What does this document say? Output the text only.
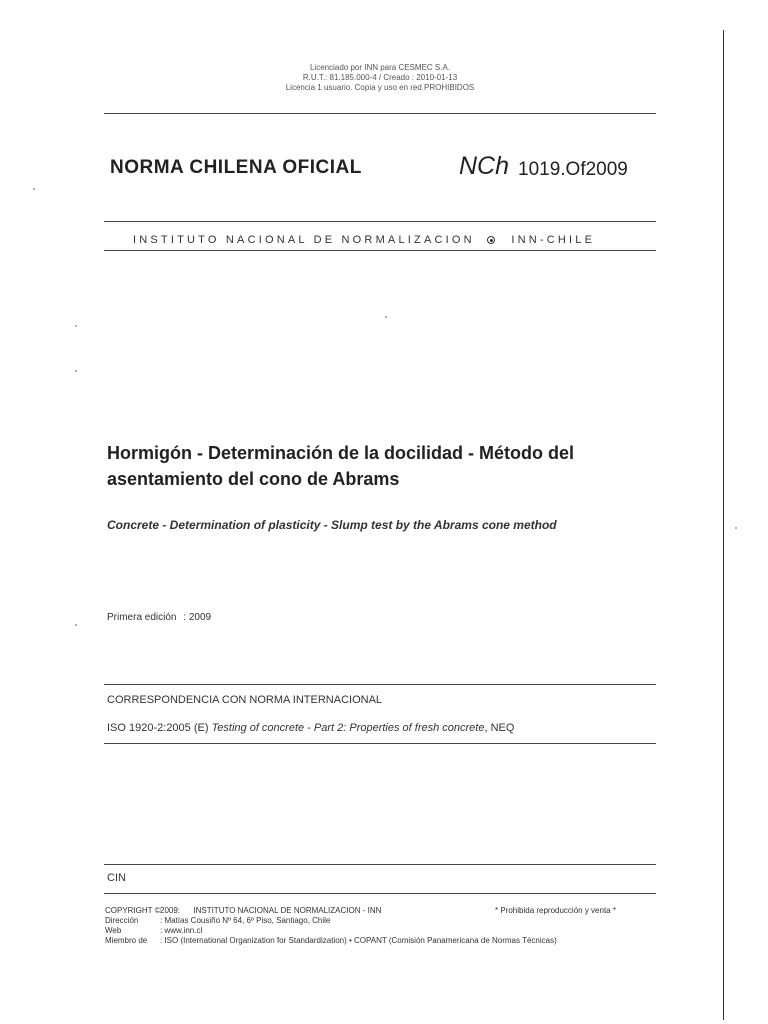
Licenciado por INN para CESMEC S.A.
R.U.T.: 81.185.000-4 / Creado : 2010-01-13
Licencia 1 usuario. Copia y uso en red PROHIBIDOS
NORMA CHILENA OFICIAL	NCh 1019.Of2009
INSTITUTO NACIONAL DE NORMALIZACION	INN-CHILE
Hormigón - Determinación de la docilidad - Método del asentamiento del cono de Abrams
Concrete - Determination of plasticity - Slump test by the Abrams cone method
Primera edición : 2009
CORRESPONDENCIA CON NORMA INTERNACIONAL
ISO 1920-2:2005 (E) Testing of concrete - Part 2: Properties of fresh concrete, NEQ
CIN
COPYRIGHT © 2009:      INSTITUTO NACIONAL DE NORMALIZACION - INN	* Prohibida reproducción y venta *
Dirección	: Matías Cousiño Nº 64, 6º Piso, Santiago, Chile
Web	: www.inn.cl
Miembro de : ISO (International Organization for Standardization) • COPANT (Comisión Panamericana de Normas Técnicas)
